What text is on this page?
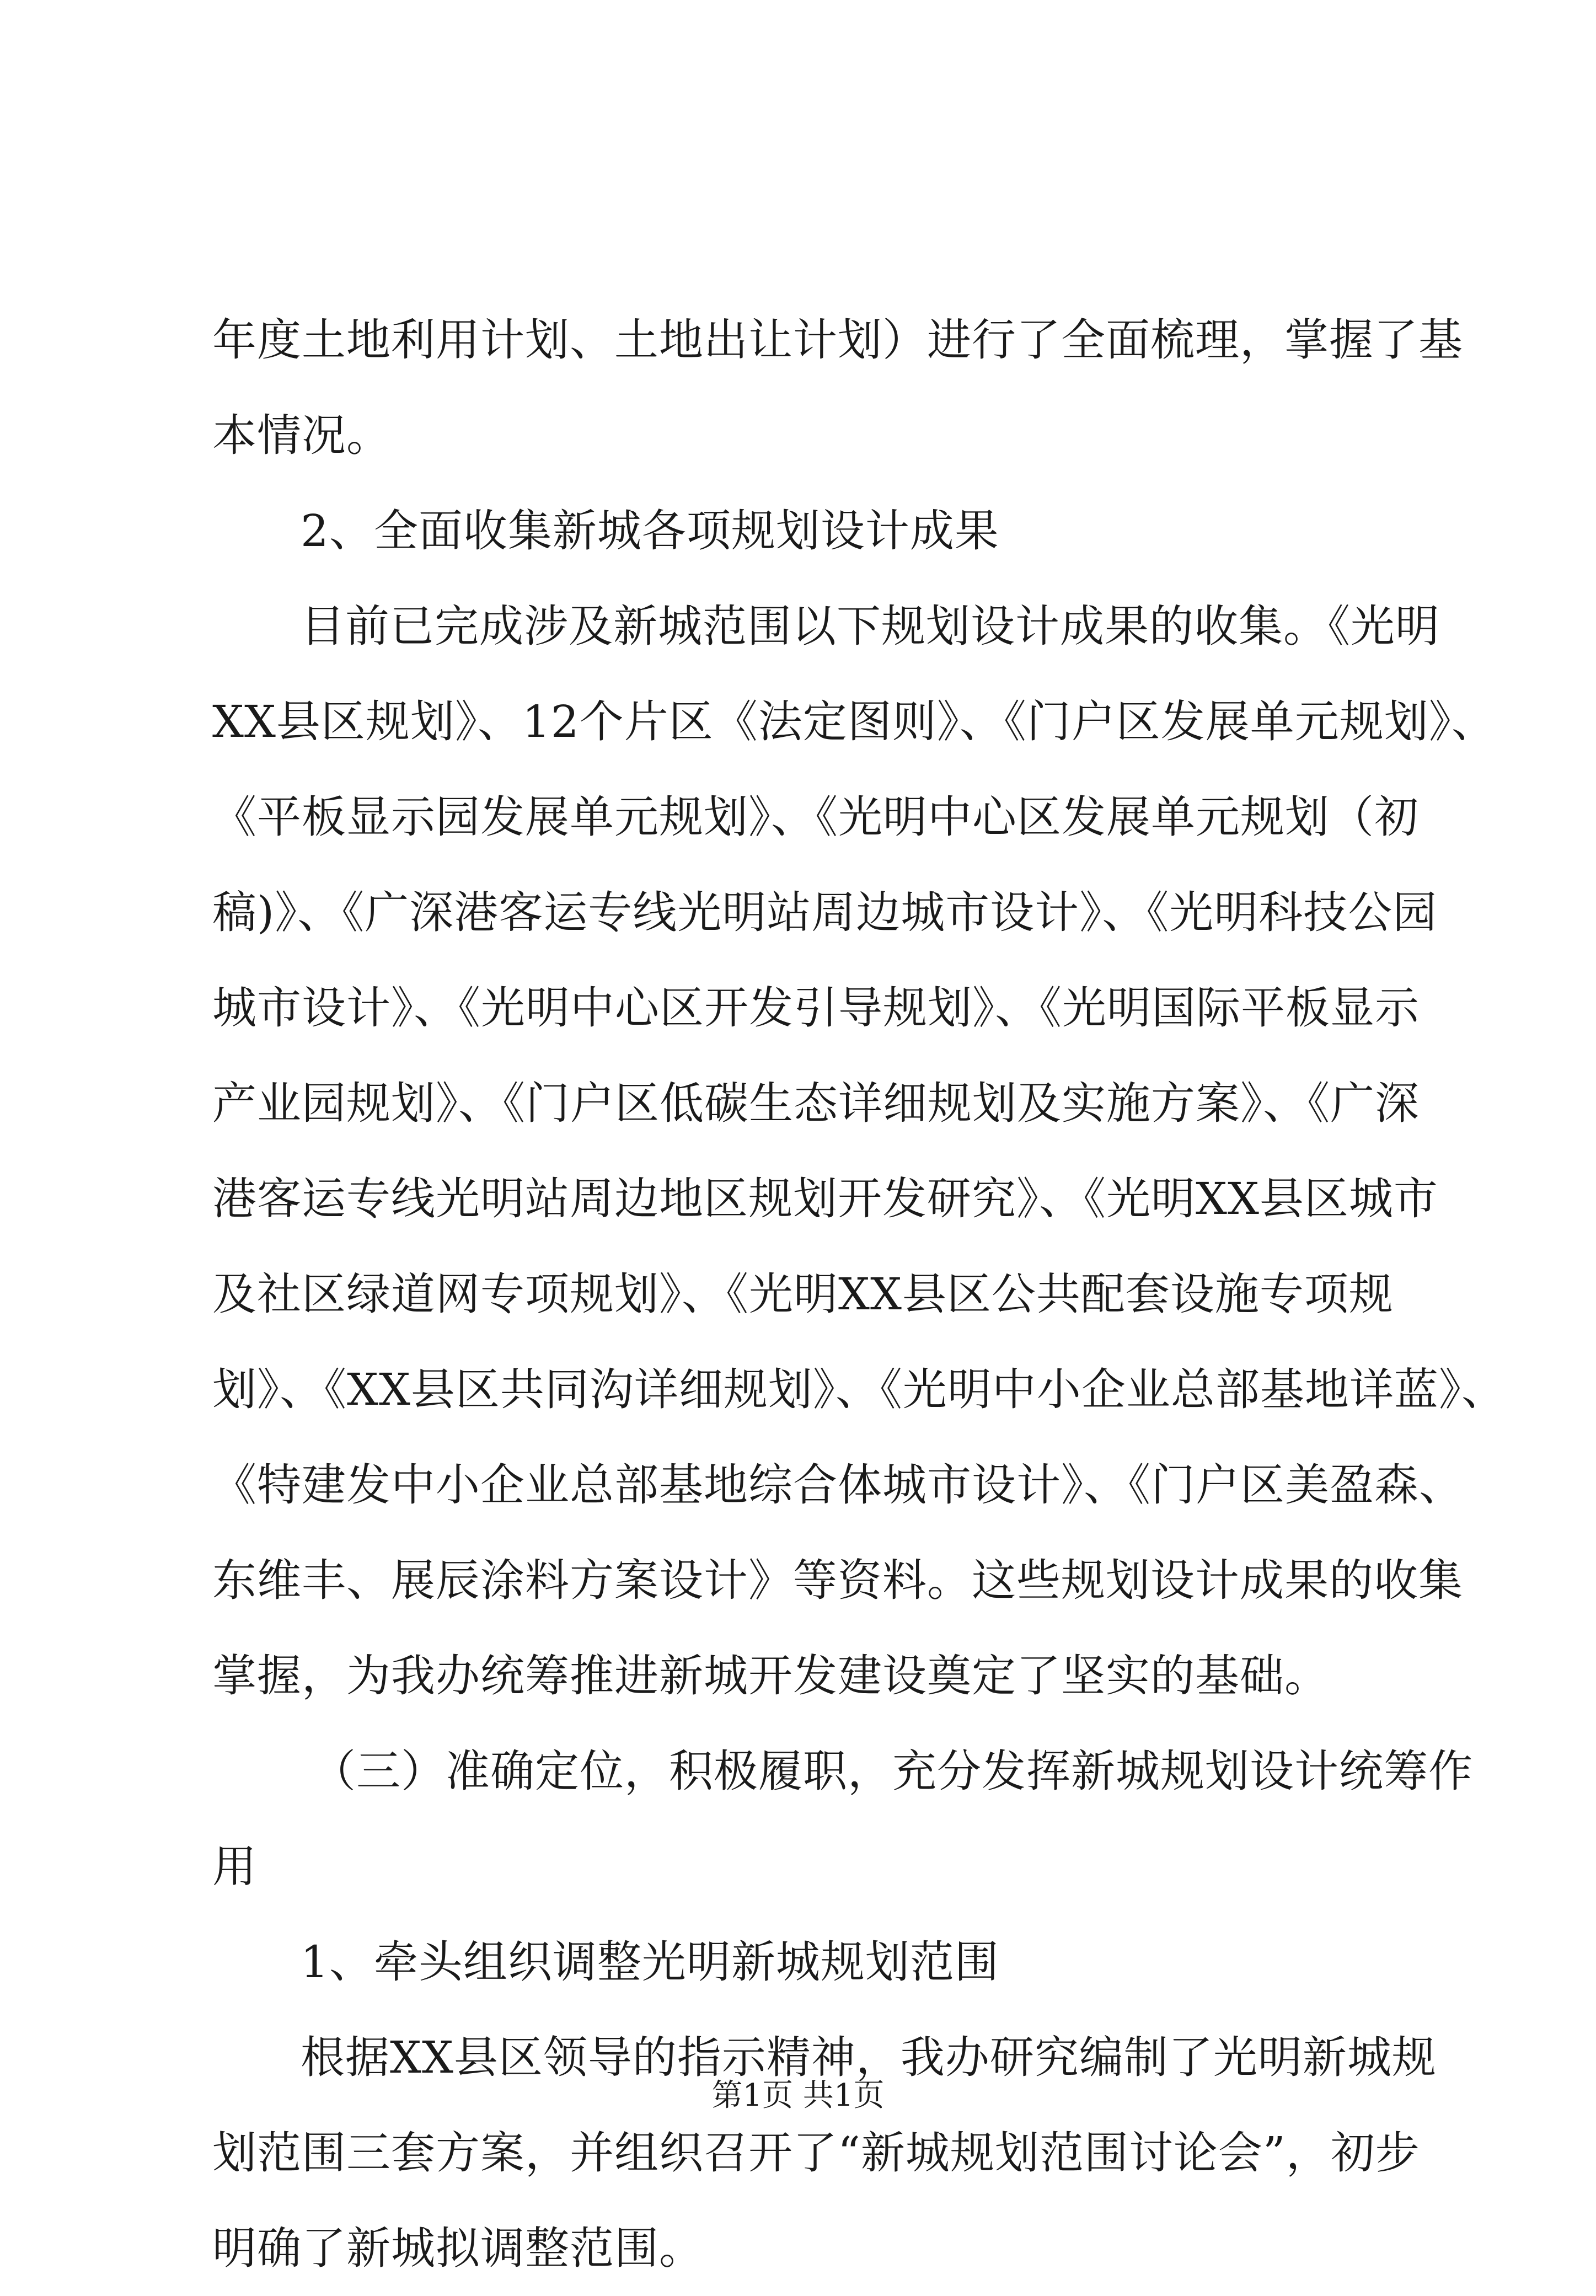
年度土地利用计划、土地出让计划）进行了全面梳理，掌握了基
本情况。
2、全面收集新城各项规划设计成果
目前已完成涉及新城范围以下规划设计成果的收集。《光明
XX县区规划》、12个片区《法定图则》、《门户区发展单元规划》、
《平板显示园发展单元规划》、《光明中心区发展单元规划（初
稿)》、《广深港客运专线光明站周边城市设计》、《光明科技公园
城市设计》、《光明中心区开发引导规划》、《光明国际平板显示
产业园规划》、《门户区低碳生态详细规划及实施方案》、《广深
港客运专线光明站周边地区规划开发研究》、《光明XX县区城市
及社区绿道网专项规划》、《光明XX县区公共配套设施专项规
划》、《XX县区共同沟详细规划》、《光明中小企业总部基地详蓝》、
《特建发中小企业总部基地综合体城市设计》、《门户区美盈森、
东维丰、展辰涂料方案设计》等资料。这些规划设计成果的收集
掌握，为我办统筹推进新城开发建设奠定了坚实的基础。
（三）准确定位，积极履职，充分发挥新城规划设计统筹作
用
1、牵头组织调整光明新城规划范围
根据XX县区领导的指示精神，我办研究编制了光明新城规
划范围三套方案，并组织召开了“新城规划范围讨论会”，初步
明确了新城拟调整范围。
第1页 共1页
